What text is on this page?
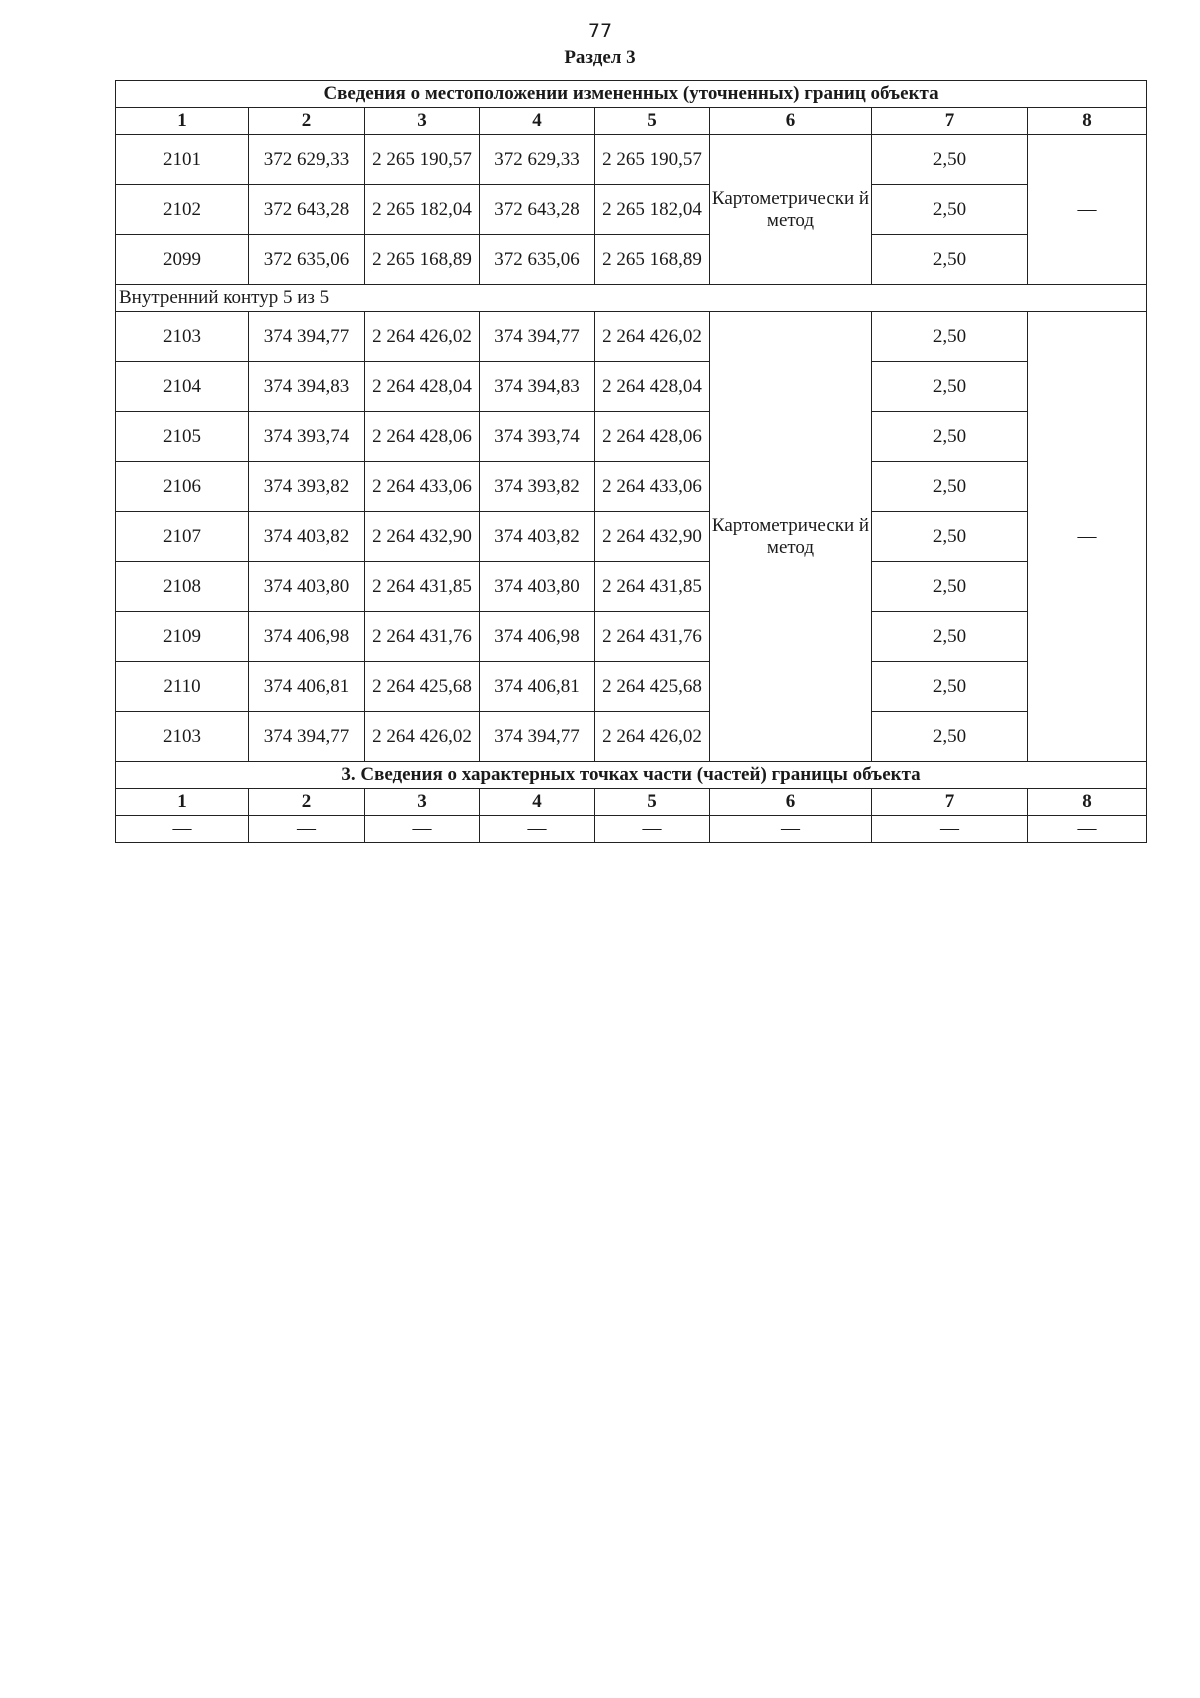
77
Раздел 3
Сведения о местоположении измененных (уточненных) границ объекта							
1	2	3	4	5	6	7	8
2101	372 629,33	2 265 190,57	372 629,33	2 265 190,57	Картометрически й метод	2,50	—
2102	372 643,28	2 265 182,04	372 643,28	2 265 182,04		2,50	
2099	372 635,06	2 265 168,89	372 635,06	2 265 168,89		2,50	
Внутренний контур 5 из 5							
2103	374 394,77	2 264 426,02	374 394,77	2 264 426,02	Картометрически й метод	2,50	—
2104	374 394,83	2 264 428,04	374 394,83	2 264 428,04		2,50	
2105	374 393,74	2 264 428,06	374 393,74	2 264 428,06		2,50	
2106	374 393,82	2 264 433,06	374 393,82	2 264 433,06		2,50	
2107	374 403,82	2 264 432,90	374 403,82	2 264 432,90		2,50	
2108	374 403,80	2 264 431,85	374 403,80	2 264 431,85		2,50	
2109	374 406,98	2 264 431,76	374 406,98	2 264 431,76		2,50	
2110	374 406,81	2 264 425,68	374 406,81	2 264 425,68		2,50	
2103	374 394,77	2 264 426,02	374 394,77	2 264 426,02		2,50	
3. Сведения о характерных точках части (частей) границы объекта							
1	2	3	4	5	6	7	8
—	—	—	—	—	—	—	—
